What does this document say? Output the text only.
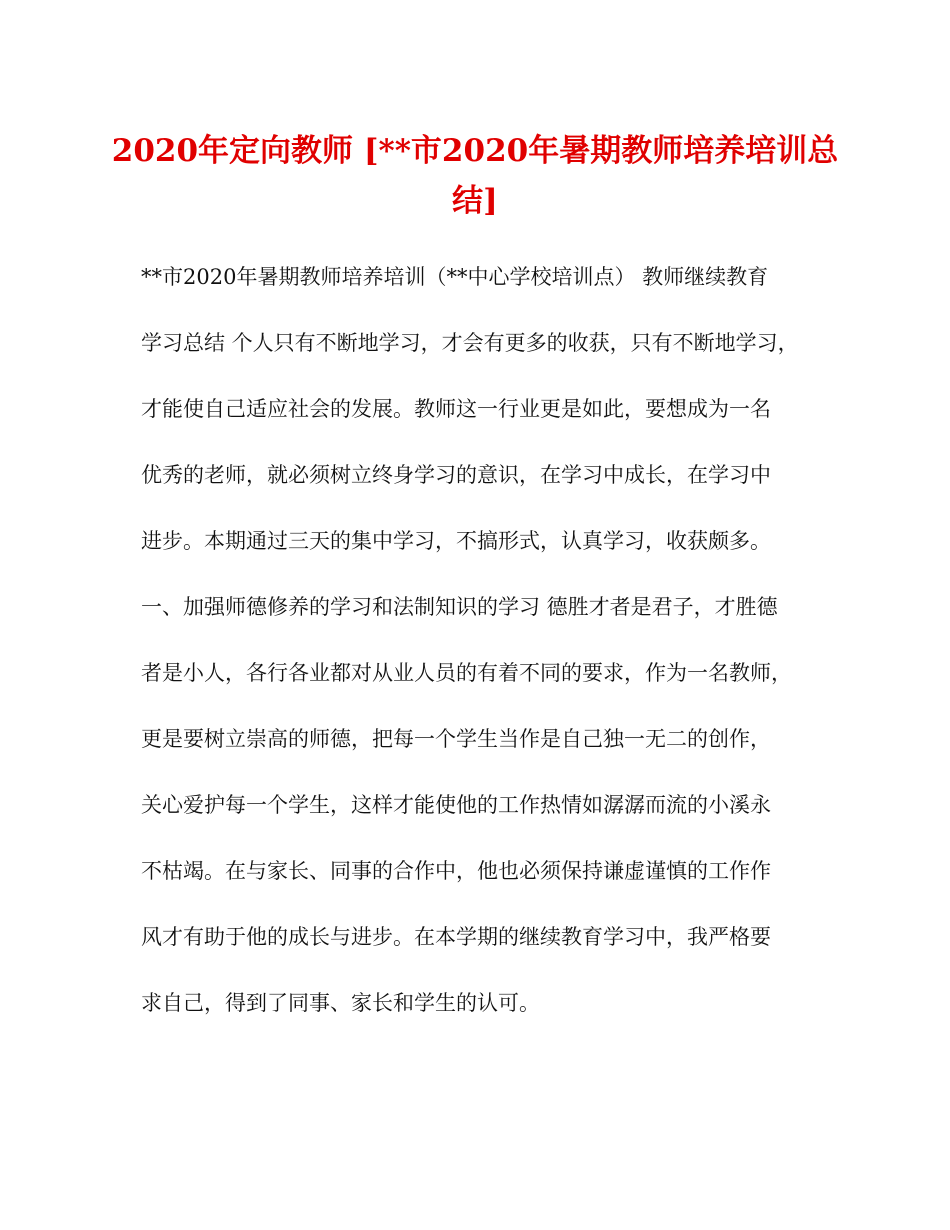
2020年定向教师 [**市2020年暑期教师培养培训总
结]
**市2020年暑期教师培养培训（**中心学校培训点） 教师继续教育
学习总结 个人只有不断地学习，才会有更多的收获，只有不断地学习，
才能使自己适应社会的发展。教师这一行业更是如此，要想成为一名
优秀的老师，就必须树立终身学习的意识，在学习中成长，在学习中
进步。本期通过三天的集中学习，不搞形式，认真学习，收获颇多。
一、加强师德修养的学习和法制知识的学习 德胜才者是君子，才胜德
者是小人，各行各业都对从业人员的有着不同的要求，作为一名教师，
更是要树立崇高的师德，把每一个学生当作是自己独一无二的创作，
关心爱护每一个学生，这样才能使他的工作热情如潺潺而流的小溪永
不枯竭。在与家长、同事的合作中，他也必须保持谦虚谨慎的工作作
风才有助于他的成长与进步。在本学期的继续教育学习中，我严格要
求自己，得到了同事、家长和学生的认可。
